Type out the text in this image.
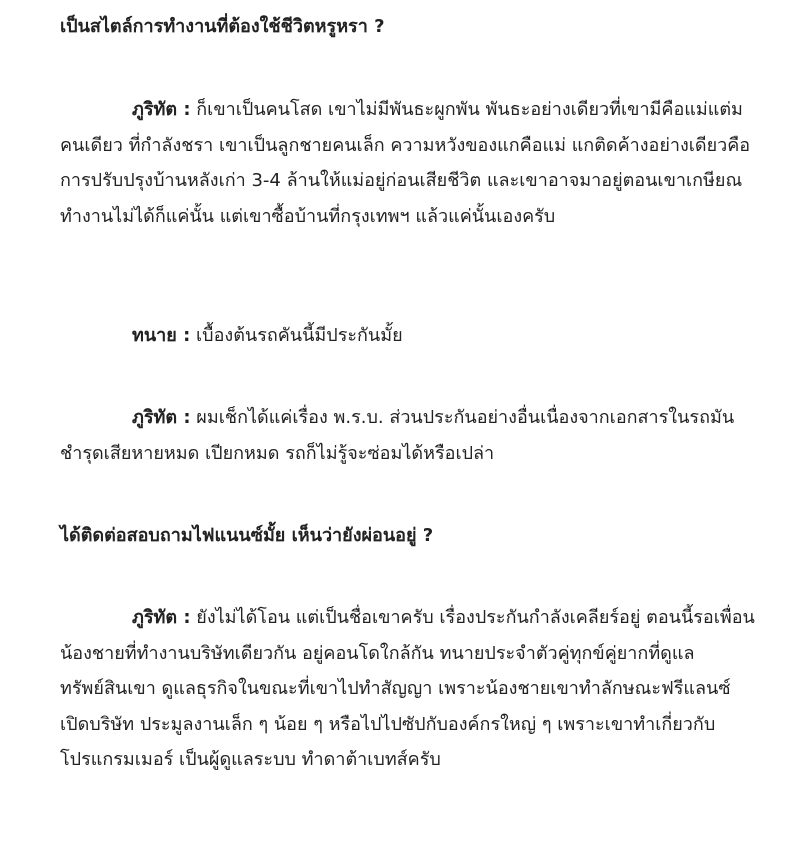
เป็นสไตล์การทำงานที่ต้องใช้ชีวิตหรูหรา ?

ภูริทัต : ก็เขาเป็นคนโสด เขาไม่มีพันธะผูกพัน พันธะอย่างเดียวที่เขามีคือแม่แต่มคนเดียว ที่กำลังชรา เขาเป็นลูกชายคนเล็ก ความหวังของแกคือแม่ แกติดค้างอย่างเดียวคือการปรับปรุงบ้านหลังเก่า 3-4 ล้านให้แม่อยู่ก่อนเสียชีวิต และเขาอาจมาอยู่ตอนเขาเกษียณ ทำงานไม่ได้ก็แค่นั้น แต่เขาซื้อบ้านที่กรุงเทพฯ แล้วแค่นั้นเองครับ

ทนาย : เบื้องต้นรถคันนี้มีประกันมั้ย

ภูริทัต : ผมเช็กได้แค่เรื่อง พ.ร.บ. ส่วนประกันอย่างอื่นเนื่องจากเอกสารในรถมันชำรุดเสียหายหมด เปียกหมด รถก็ไม่รู้จะซ่อมได้หรือเปล่า

ได้ติดต่อสอบถามไฟแนนซ์มั้ย เห็นว่ายังผ่อนอยู่ ?

ภูริทัต : ยังไม่ได้โอน แต่เป็นชื่อเขาครับ เรื่องประกันกำลังเคลียร์อยู่ ตอนนี้รอเพื่อนน้องชายที่ทำงานบริษัทเดียวกัน อยู่คอนโดใกล้กัน ทนายประจำตัวคู่ทุกข์คู่ยากที่ดูแลทรัพย์สินเขา ดูแลธุรกิจในขณะที่เขาไปทำสัญญา เพราะน้องชายเขาทำลักษณะฟรีแลนซ์ เปิดบริษัท ประมูลงานเล็ก ๆ น้อย ๆ หรือไปไปซัปกับองค์กรใหญ่ ๆ เพราะเขาทำเกี่ยวกับโปรแกรมเมอร์ เป็นผู้ดูแลระบบ ทำดาต้าเบทส์ครับ
